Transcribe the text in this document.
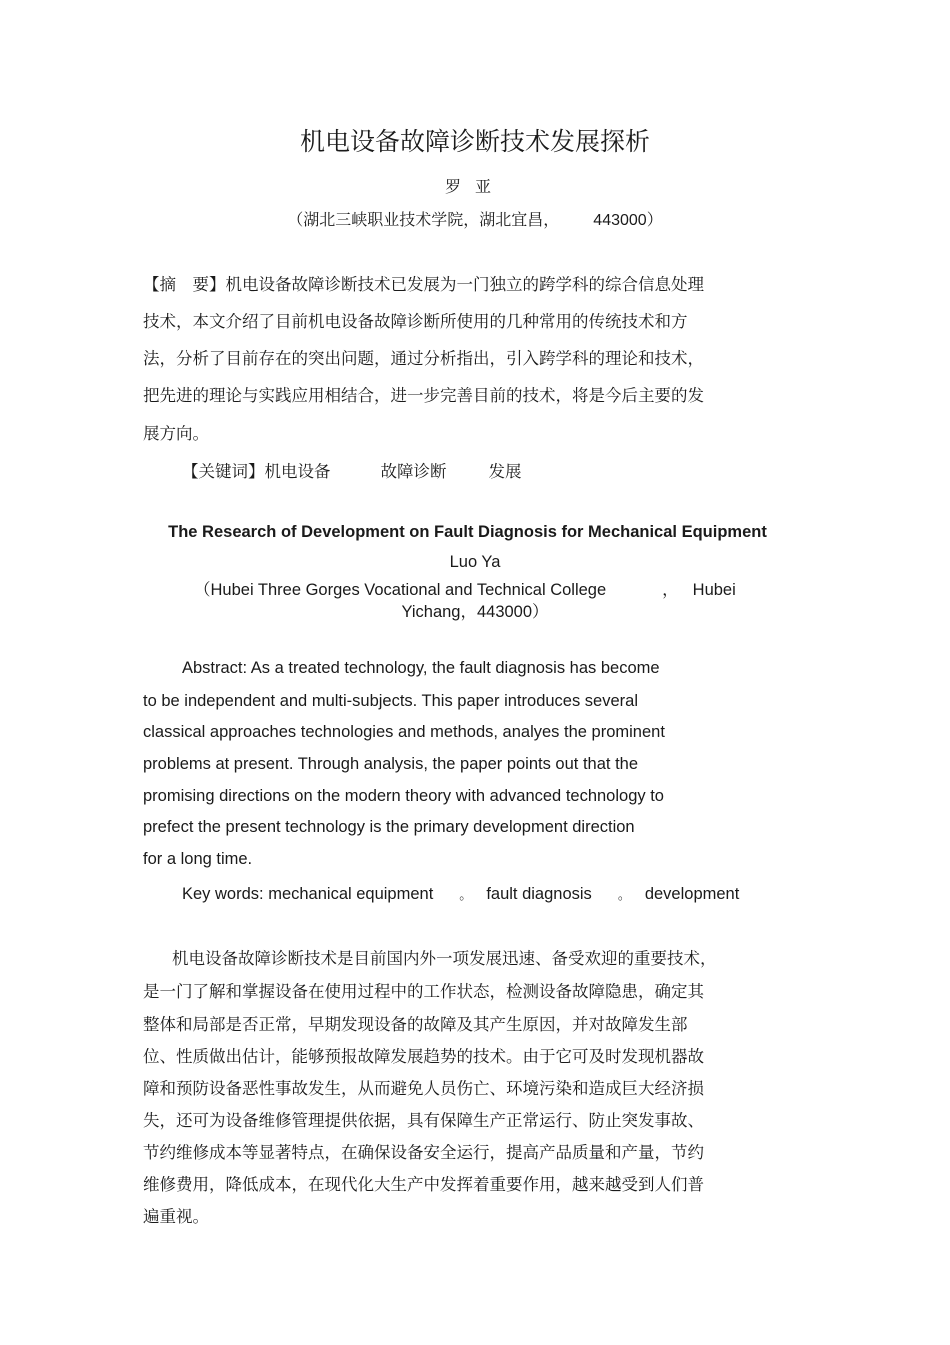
机电设备故障诊断技术发展探析
罗亚
（湖北三峡职业技术学院，湖北宜昌， 443000）
【摘　要】机电设备故障诊断技术已发展为一门独立的跨学科的综合信息处理
技术，本文介绍了目前机电设备故障诊断所使用的几种常用的传统技术和方
法，分析了目前存在的突出问题，通过分析指出，引入跨学科的理论和技术，
把先进的理论与实践应用相结合，进一步完善目前的技术，将是今后主要的发
展方向。
【关键词】机电设备	故障诊断	发展
The Research of Development on Fault Diagnosis for Mechanical Equipment
Luo Ya
（Hubei Three Gorges Vocational and Technical College	， Hubei
Yichang，443000）
Abstract: As a treated technology, the fault diagnosis has become
to be independent and multi-subjects. This paper introduces several
classical approaches technologies and methods, analyes the prominent
problems at present. Through analysis, the paper points out that the
promising directions on the modern theory with advanced technology to
prefect the present technology is the primary development direction
for a long time.
Key words: mechanical equipment 。 fault diagnosis 。 development
机电设备故障诊断技术是目前国内外一项发展迅速、备受欢迎的重要技术，
是一门了解和掌握设备在使用过程中的工作状态，检测设备故障隐患，确定其
整体和局部是否正常，早期发现设备的故障及其产生原因，并对故障发生部
位、性质做出估计，能够预报故障发展趋势的技术。由于它可及时发现机器故
障和预防设备恶性事故发生，从而避免人员伤亡、环境污染和造成巨大经济损
失，还可为设备维修管理提供依据，具有保障生产正常运行、防止突发事故、
节约维修成本等显著特点，在确保设备安全运行，提高产品质量和产量，节约
维修费用，降低成本，在现代化大生产中发挥着重要作用，越来越受到人们普
遍重视。
